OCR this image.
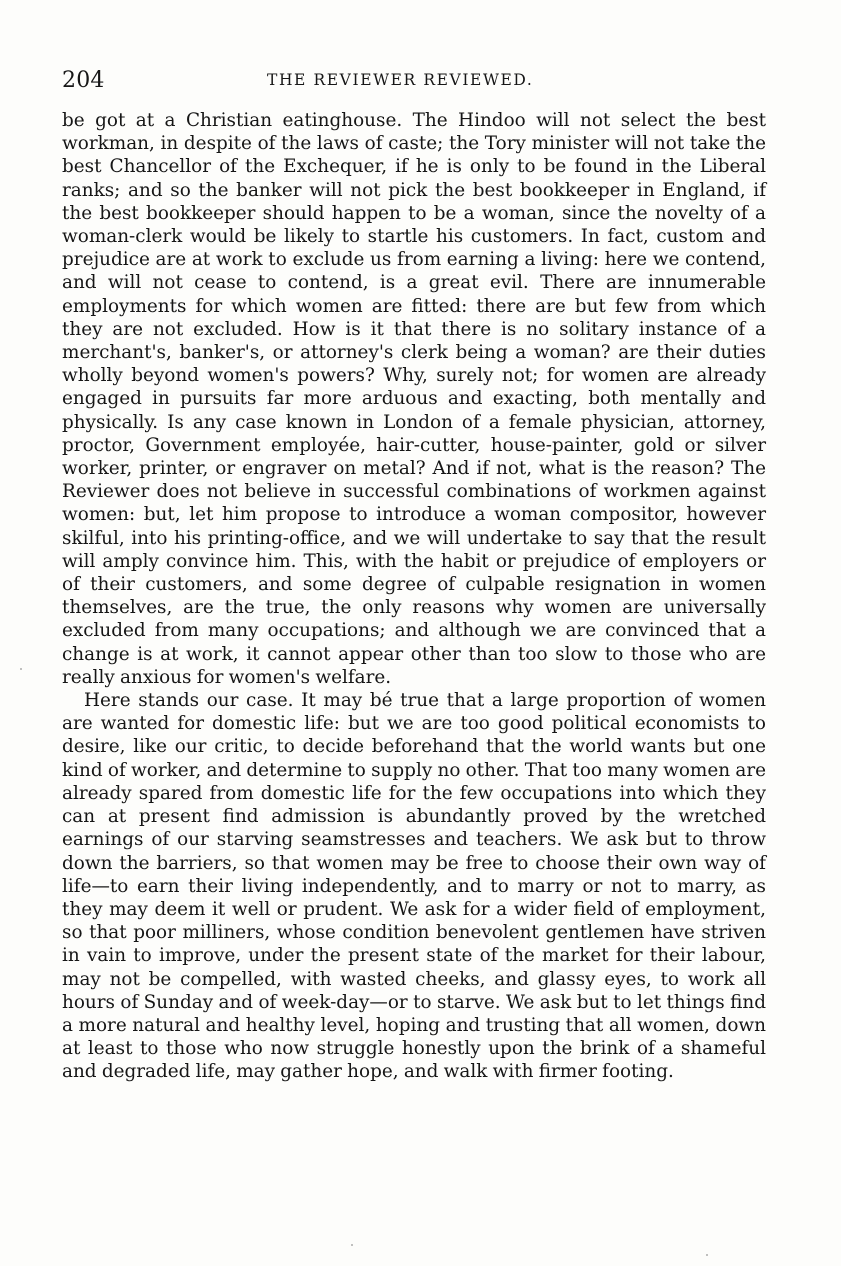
204	THE REVIEWER REVIEWED.

be got at a Christian eatinghouse. The Hindoo will not select the best workman, in despite of the laws of caste; the Tory minister will not take the best Chancellor of the Exchequer, if he is only to be found in the Liberal ranks; and so the banker will not pick the best bookkeeper in England, if the best bookkeeper should happen to be a woman, since the novelty of a woman-clerk would be likely to startle his customers. In fact, custom and prejudice are at work to exclude us from earning a living: here we contend, and will not cease to contend, is a great evil. There are innumerable employments for which women are fitted: there are but few from which they are not excluded. How is it that there is no solitary instance of a merchant's, banker's, or attorney's clerk being a woman? are their duties wholly beyond women's powers? Why, surely not; for women are already engaged in pursuits far more arduous and exacting, both mentally and physically. Is any case known in London of a female physician, attorney, proctor, Government employée, hair-cutter, house-painter, gold or silver worker, printer, or engraver on metal? And if not, what is the reason? The Reviewer does not believe in successful combinations of workmen against women: but, let him propose to introduce a woman compositor, however skilful, into his printing-office, and we will undertake to say that the result will amply convince him. This, with the habit or prejudice of employers or of their customers, and some degree of culpable resignation in women themselves, are the true, the only reasons why women are universally excluded from many occupations; and although we are convinced that a change is at work, it cannot appear other than too slow to those who are really anxious for women's welfare.

Here stands our case. It may bé true that a large proportion of women are wanted for domestic life: but we are too good political economists to desire, like our critic, to decide beforehand that the world wants but one kind of worker, and determine to supply no other. That too many women are already spared from domestic life for the few occupations into which they can at present find admission is abundantly proved by the wretched earnings of our starving seamstresses and teachers. We ask but to throw down the barriers, so that women may be free to choose their own way of life—to earn their living independently, and to marry or not to marry, as they may deem it well or prudent. We ask for a wider field of employment, so that poor milliners, whose condition benevolent gentlemen have striven in vain to improve, under the present state of the market for their labour, may not be compelled, with wasted cheeks, and glassy eyes, to work all hours of Sunday and of week-day—or to starve. We ask but to let things find a more natural and healthy level, hoping and trusting that all women, down at least to those who now struggle honestly upon the brink of a shameful and degraded life, may gather hope, and walk with firmer footing.
